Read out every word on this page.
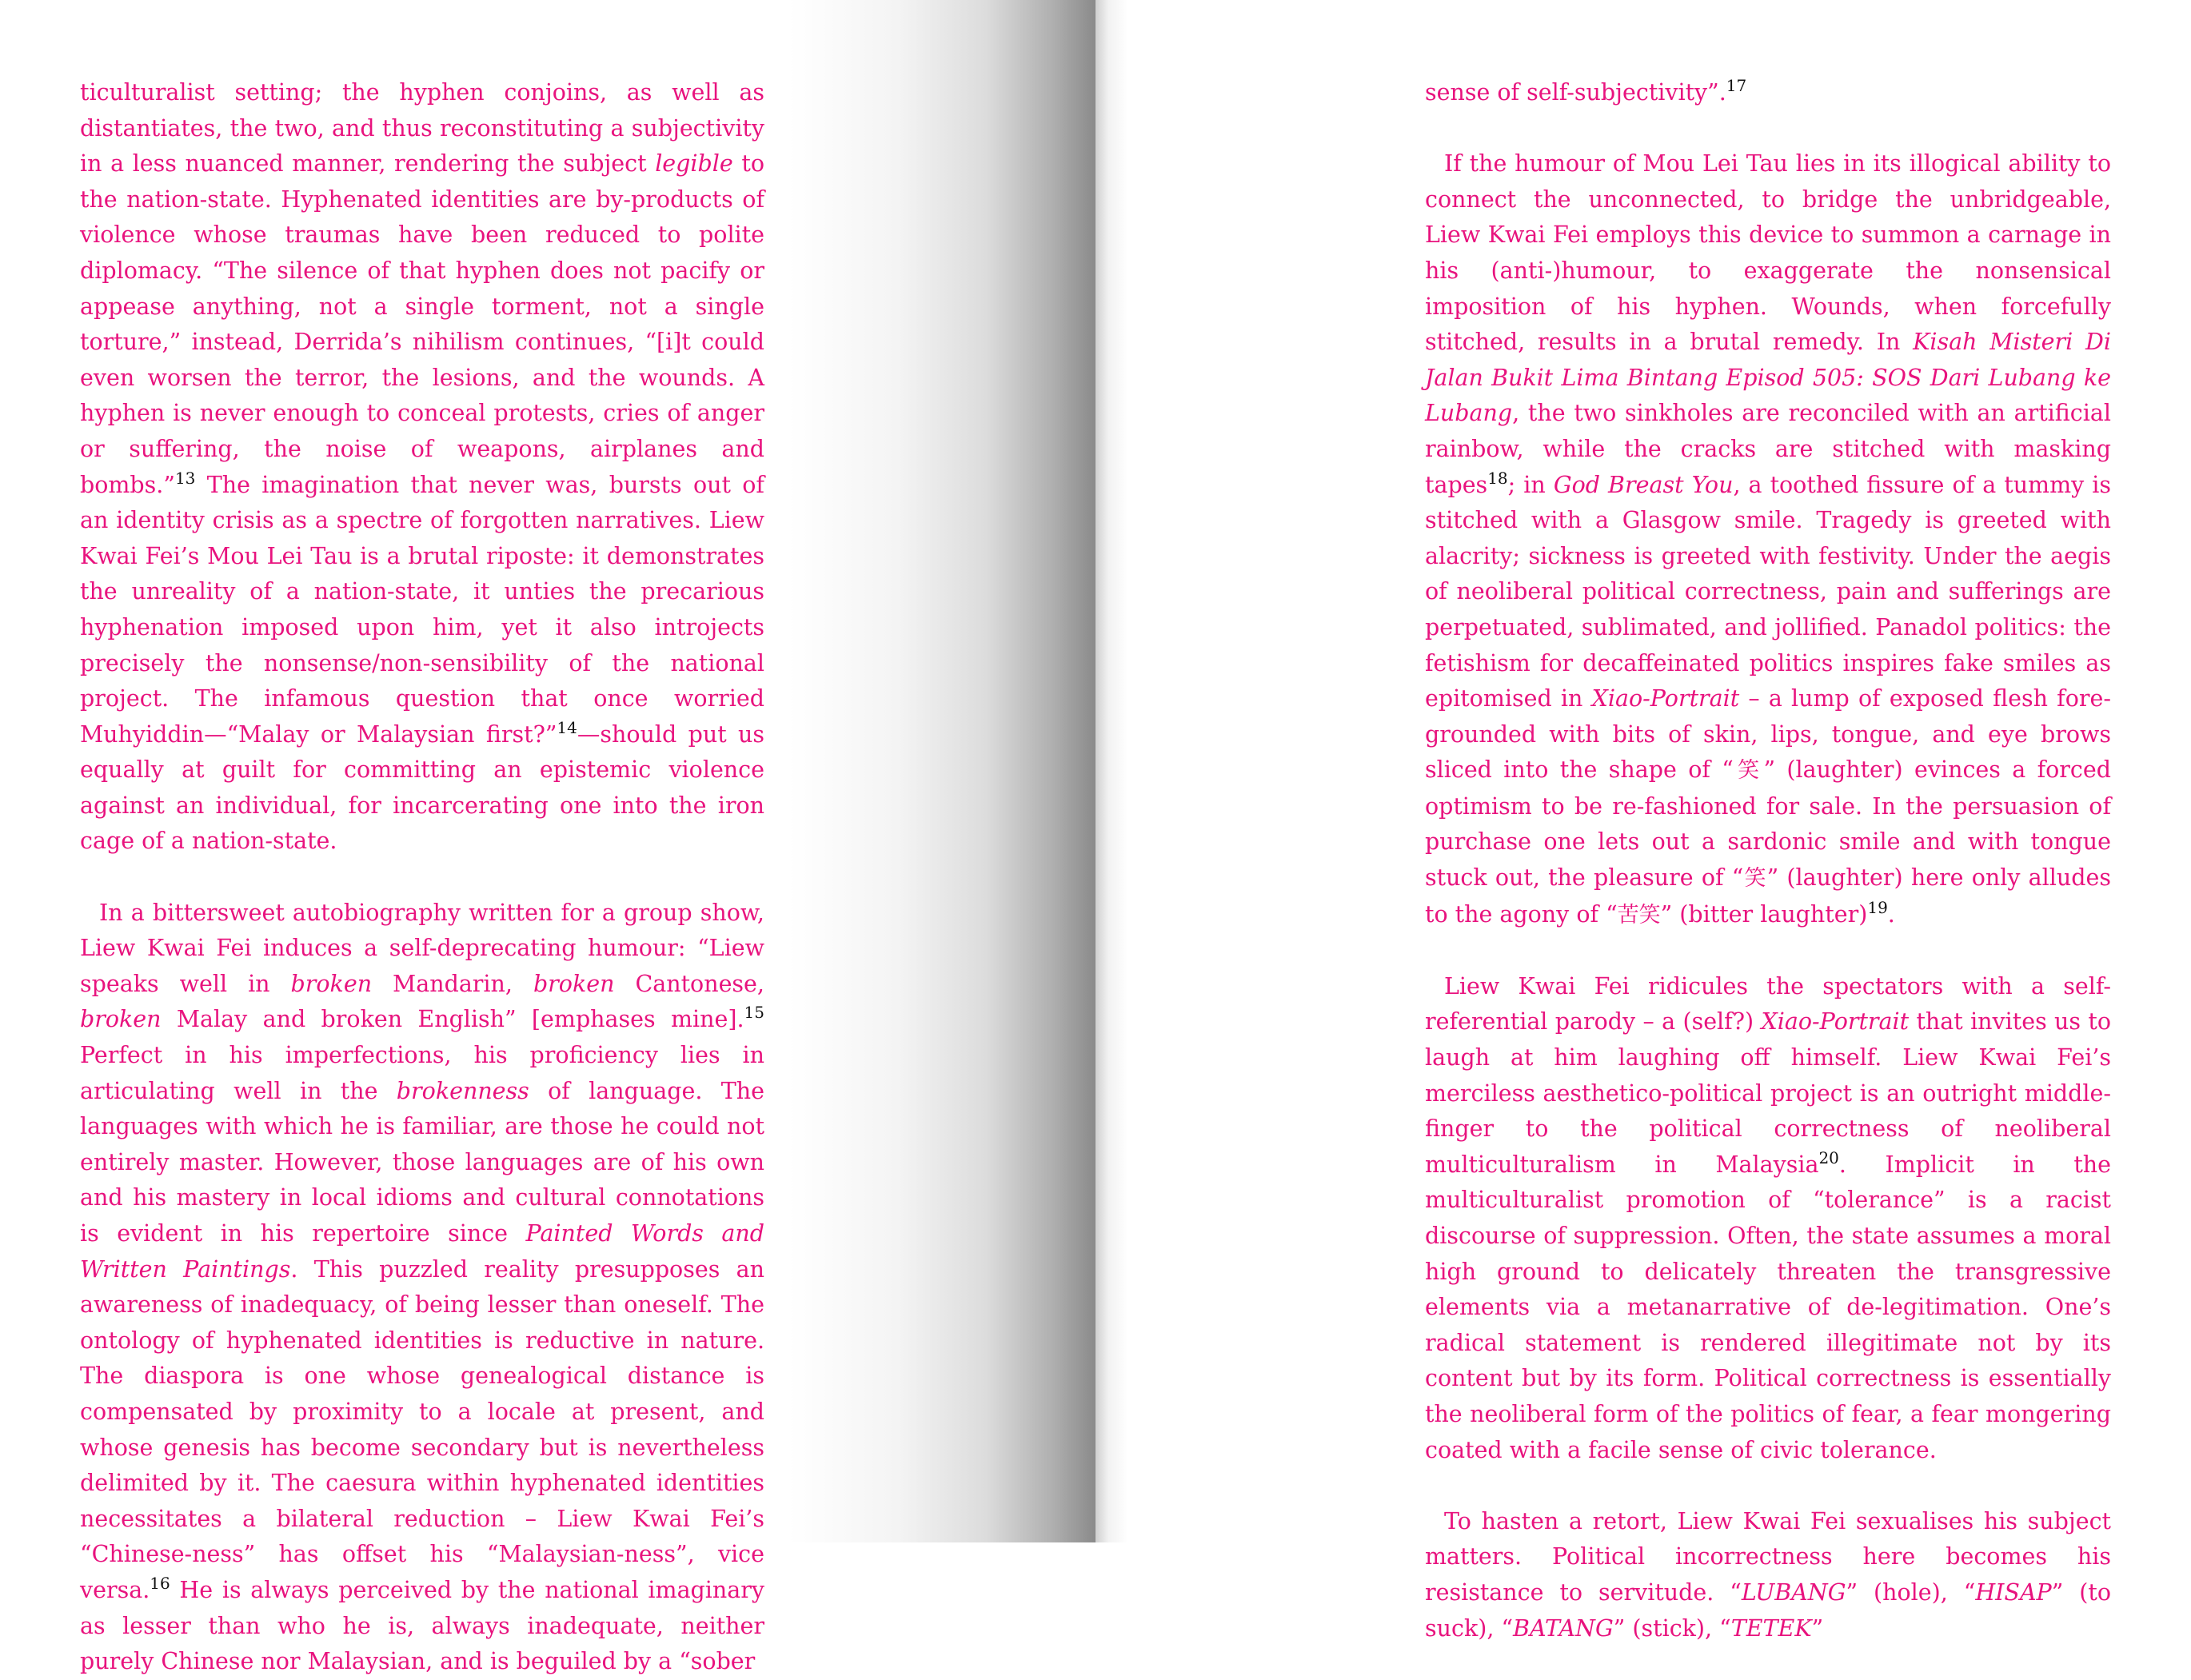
ticulturalist setting; the hyphen conjoins, as well as distantiates, the two, and thus reconstituting a subjectivity in a less nuanced manner, rendering the subject legible to the nation-state. Hyphenated identities are by-products of violence whose traumas have been reduced to polite diplomacy. “The silence of that hyphen does not pacify or appease anything, not a single torment, not a single torture,” instead, Derrida’s nihilism continues, “[i]t could even worsen the terror, the lesions, and the wounds. A hyphen is never enough to conceal protests, cries of anger or suffering, the noise of weapons, airplanes and bombs.”$^{13}$ The imagination that never was, bursts out of an identity crisis as a spectre of forgotten narratives. Liew Kwai Fei’s Mou Lei Tau is a brutal riposte: it demonstrates the unreality of a nation-state, it unties the precarious hyphenation imposed upon him, yet it also introjects precisely the nonsense/non-sensibility of the national project. The infamous question that once worried Muhyiddin—“Malay or Malaysian first?”$^{14}$—should put us equally at guilt for committing an epistemic violence against an individual, for incarcerating one into the iron cage of a nation-state.

In a bittersweet autobiography written for a group show, Liew Kwai Fei induces a self-deprecating humour: “Liew speaks well in broken Mandarin, broken Cantonese, broken Malay and broken English” [emphases mine].$^{15}$ Perfect in his imperfections, his proficiency lies in articulating well in the brokenness of language. The languages with which he is familiar, are those he could not entirely master. However, those languages are of his own and his mastery in local idioms and cultural connotations is evident in his repertoire since Painted Words and Written Paintings. This puzzled reality presupposes an awareness of inadequacy, of being lesser than oneself. The ontology of hyphenated identities is reductive in nature. The diaspora is one whose genealogical distance is compensated by proximity to a locale at present, and whose genesis has become secondary but is nevertheless delimited by it. The caesura within hyphenated identities necessitates a bilateral reduction – Liew Kwai Fei’s “Chinese-ness” has offset his “Malaysian-ness”, vice versa.$^{16}$ He is always perceived by the national imaginary as lesser than who he is, always inadequate, neither purely Chinese nor Malaysian, and is beguiled by a “sober

sense of self-subjectivity”.$^{17}$

If the humour of Mou Lei Tau lies in its illogical ability to connect the unconnected, to bridge the unbridgeable, Liew Kwai Fei employs this device to summon a carnage in his (anti-)humour, to exaggerate the nonsensical imposition of his hyphen. Wounds, when forcefully stitched, results in a brutal remedy. In Kisah Misteri Di Jalan Bukit Lima Bintang Episod 505: SOS Dari Lubang ke Lubang, the two sinkholes are reconciled with an artificial rainbow, while the cracks are stitched with masking tapes$^{18}$; in God Breast You, a toothed fissure of a tummy is stitched with a Glasgow smile. Tragedy is greeted with alacrity; sickness is greeted with festivity. Under the aegis of neoliberal political correctness, pain and sufferings are perpetuated, sublimated, and jollified. Panadol politics: the fetishism for decaffeinated politics inspires fake smiles as epitomised in Xiao-Portrait – a lump of exposed flesh fore-grounded with bits of skin, lips, tongue, and eye brows sliced into the shape of “笑” (laughter) evinces a forced optimism to be re-fashioned for sale. In the persuasion of purchase one lets out a sardonic smile and with tongue stuck out, the pleasure of “笑” (laughter) here only alludes to the agony of “苦笑” (bitter laughter)$^{19}$.

Liew Kwai Fei ridicules the spectators with a self-referential parody – a (self?) Xiao-Portrait that invites us to laugh at him laughing off himself. Liew Kwai Fei’s merciless aesthetico-political project is an outright middle-finger to the political correctness of neoliberal multiculturalism in Malaysia$^{20}$. Implicit in the multiculturalist promotion of “tolerance” is a racist discourse of suppression. Often, the state assumes a moral high ground to delicately threaten the transgressive elements via a metanarrative of de-legitimation. One’s radical statement is rendered illegitimate not by its content but by its form. Political correctness is essentially the neoliberal form of the politics of fear, a fear mongering coated with a facile sense of civic tolerance.

To hasten a retort, Liew Kwai Fei sexualises his subject matters. Political incorrectness here becomes his resistance to servitude. “LUBANG” (hole), “HISAP” (to suck), “BATANG” (stick), “TETEK”
